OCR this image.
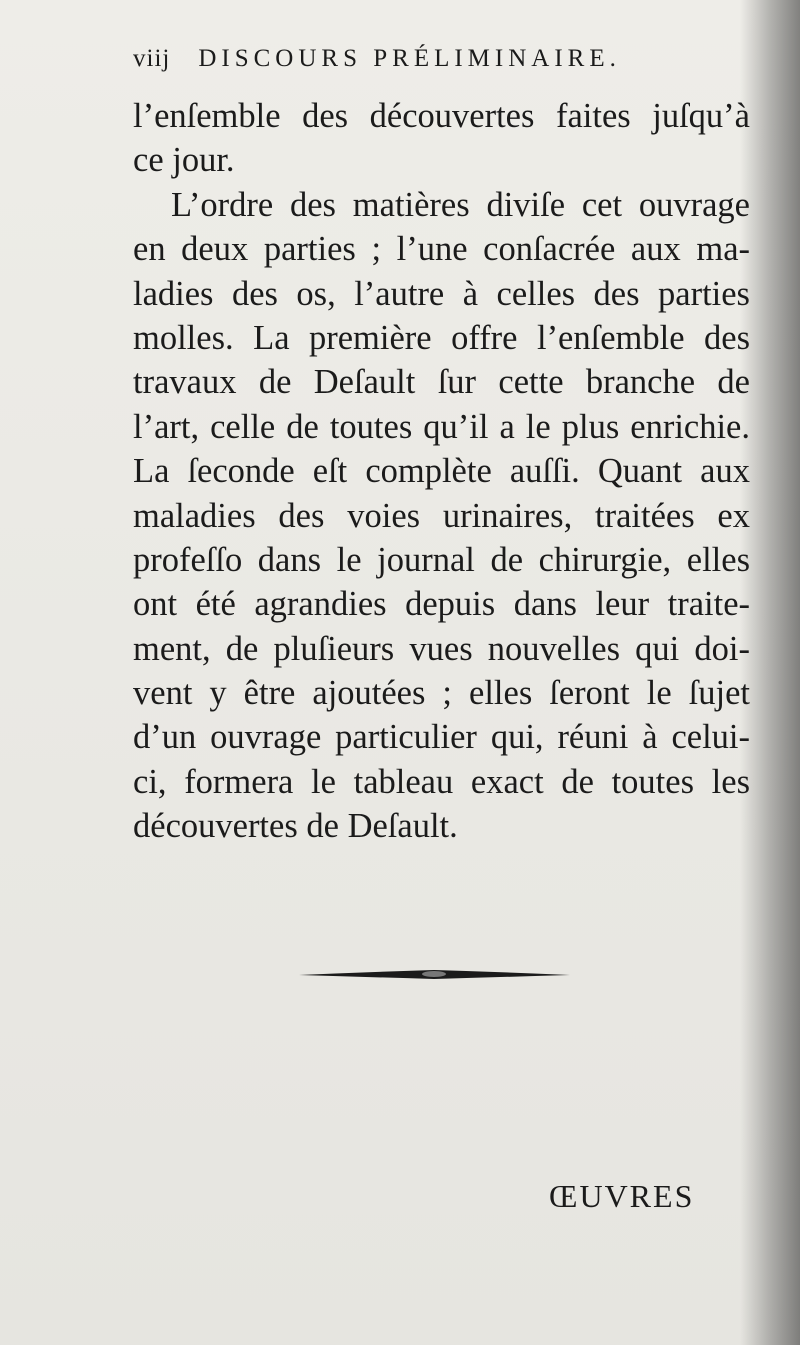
viij DISCOURS PRÉLIMINAIRE.
l’enſemble des découvertes faites juſqu’à
ce jour.
L’ordre des matières diviſe cet ouvrage
en deux parties ; l’une conſacrée aux ma-
ladies des os, l’autre à celles des parties
molles. La première offre l’enſemble des
travaux de Deſault ſur cette branche de
l’art, celle de toutes qu’il a le plus enrichie.
La ſeconde eſt complète auſſi. Quant aux
maladies des voies urinaires, traitées ex
profeſſo dans le journal de chirurgie, elles
ont été agrandies depuis dans leur traite-
ment, de pluſieurs vues nouvelles qui doi-
vent y être ajoutées ; elles ſeront le ſujet
d’un ouvrage particulier qui, réuni à celui-
ci, formera le tableau exact de toutes les
découvertes de Deſault.
ŒUVRES
